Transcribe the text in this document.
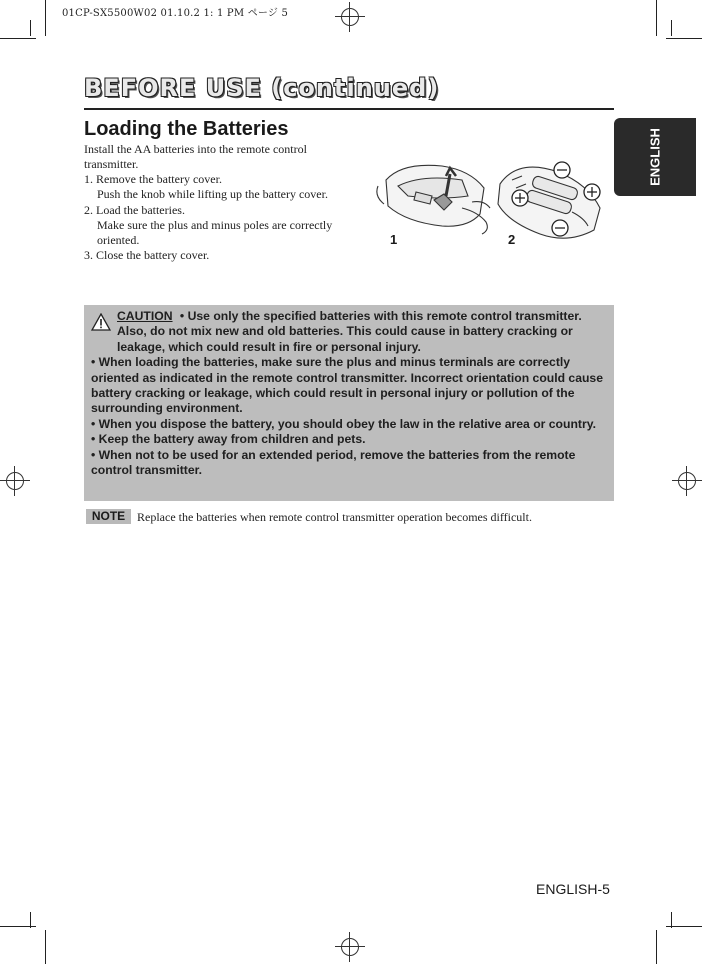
01CP-SX5500W02 01.10.2 1: 1 PM ページ 5
BEFORE USE (continued)
ENGLISH
Loading the Batteries
Install the AA batteries into the remote control transmitter.
1. Remove the battery cover.
Push the knob while lifting up the battery cover.
2. Load the batteries.
Make sure the plus and minus poles are correctly oriented.
3. Close the battery cover.
1	2

CAUTION • Use only the specified batteries with this remote control transmitter. Also, do not mix new and old batteries. This could cause in battery cracking or leakage, which could result in fire or personal injury.

• When loading the batteries, make sure the plus and minus terminals are correctly oriented as indicated in the remote control transmitter. Incorrect orientation could cause battery cracking or leakage, which could result in personal injury or pollution of the surrounding environment.

• When you dispose the battery, you should obey the law in the relative area or country.

• Keep the battery away from children and pets.

• When not to be used for an extended period, remove the batteries from the remote control transmitter.

NOTE Replace the batteries when remote control transmitter operation becomes difficult.
ENGLISH-5
